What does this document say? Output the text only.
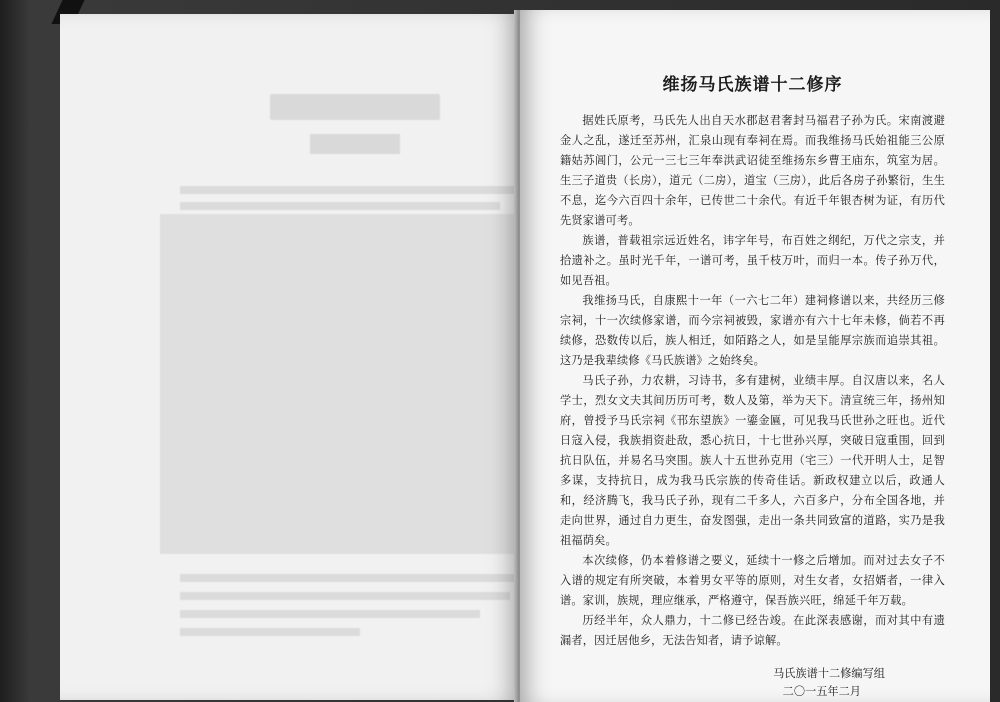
维扬马氏族谱十二修序

据姓氏原考，马氏先人出自天水郡赵君奢封马福君子孙为氏。宋南渡避金人之乱，遂迁至苏州，汇泉山现有奉祠在焉。而我维扬马氏始祖能三公原籍姑苏阊门，公元一三七三年奉洪武诏徒至维扬东乡曹王庙东，筑室为居。生三子道贵（长房），道元（二房），道宝（三房），此后各房子孙繁衍，生生不息，迄今六百四十余年，已传世二十余代。有近千年银杏树为证，有历代先贤家谱可考。

族谱，普载祖宗远近姓名，讳字年号，布百姓之纲纪，万代之宗支，并拾遗补之。虽时光千年，一谱可考，虽千枝万叶，而归一本。传子孙万代，如见吾祖。

我维扬马氏，自康熙十一年（一六七二年）建祠修谱以来，共经历三修宗祠，十一次续修家谱，而今宗祠被毁，家谱亦有六十七年未修，倘若不再续修，恐数传以后，族人相迁，如陌路之人，如是呈能厚宗族而追崇其祖。这乃是我辈续修《马氏族谱》之始终矣。

马氏子孙，力农耕，习诗书，多有建树，业绩丰厚。自汉唐以来，名人学士，烈女文夫其间历历可考，数人及第，举为天下。清宣统三年，扬州知府，曾授予马氏宗祠《邗东望族》一鎏金匾，可见我马氏世孙之旺也。近代日寇入侵，我族捐资赴敌，悉心抗日，十七世孙兴厚，突破日寇重围，回到抗日队伍，并易名马突围。族人十五世孙克用（宅三）一代开明人士，足智多谋，支持抗日，成为我马氏宗族的传奇佳话。新政权建立以后，政通人和，经济腾飞，我马氏子孙，现有二千多人，六百多户，分布全国各地，并走向世界，通过自力更生，奋发图强，走出一条共同致富的道路，实乃是我祖福荫矣。

本次续修，仍本着修谱之要义，延续十一修之后增加。而对过去女子不入谱的规定有所突破，本着男女平等的原则，对生女者，女招婿者，一律入谱。家训，族规，理应继承，严格遵守，保吾族兴旺，绵延千年万载。

历经半年，众人鼎力，十二修已经告竣。在此深表感谢，而对其中有遗漏者，因迁居他乡，无法告知者，请予谅解。

马氏族谱十二修编写组
二〇一五年二月
